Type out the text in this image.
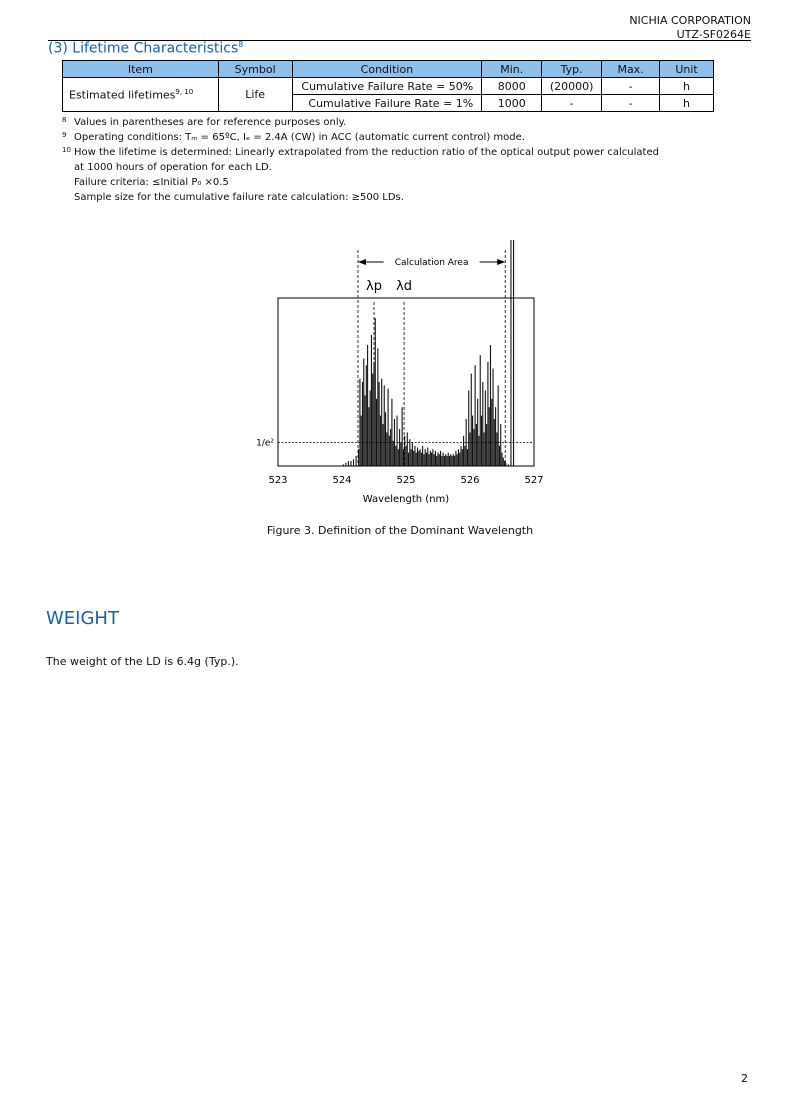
NICHIA CORPORATION
UTZ-SF0264E
(3) Lifetime Characteristics$^8$
Item	Symbol	Condition	Min.	Typ.	Max.	Unit
Estimated lifetimes$^{9, 10}$	Life	Cumulative Failure Rate = 50%	8000	(20000)	-	h
		Cumulative Failure Rate = 1%	1000	-	-	h
8 Values in parentheses are for reference purposes only.
9 Operating conditions: Tₘ = 65ºC, Iₑ = 2.4A (CW) in ACC (automatic current control) mode.
10 How the lifetime is determined: Linearly extrapolated from the reduction ratio of the optical output power calculated
at 1000 hours of operation for each LD.
Failure criteria: ≤Initial P₀ ×0.5
Sample size for the cumulative failure rate calculation: ≥500 LDs.
Calculation Area
λp λd
1/e²
523	524	525	526	527
Wavelength (nm)
Figure 3. Definition of the Dominant Wavelength
WEIGHT
The weight of the LD is 6.4g (Typ.).
2
